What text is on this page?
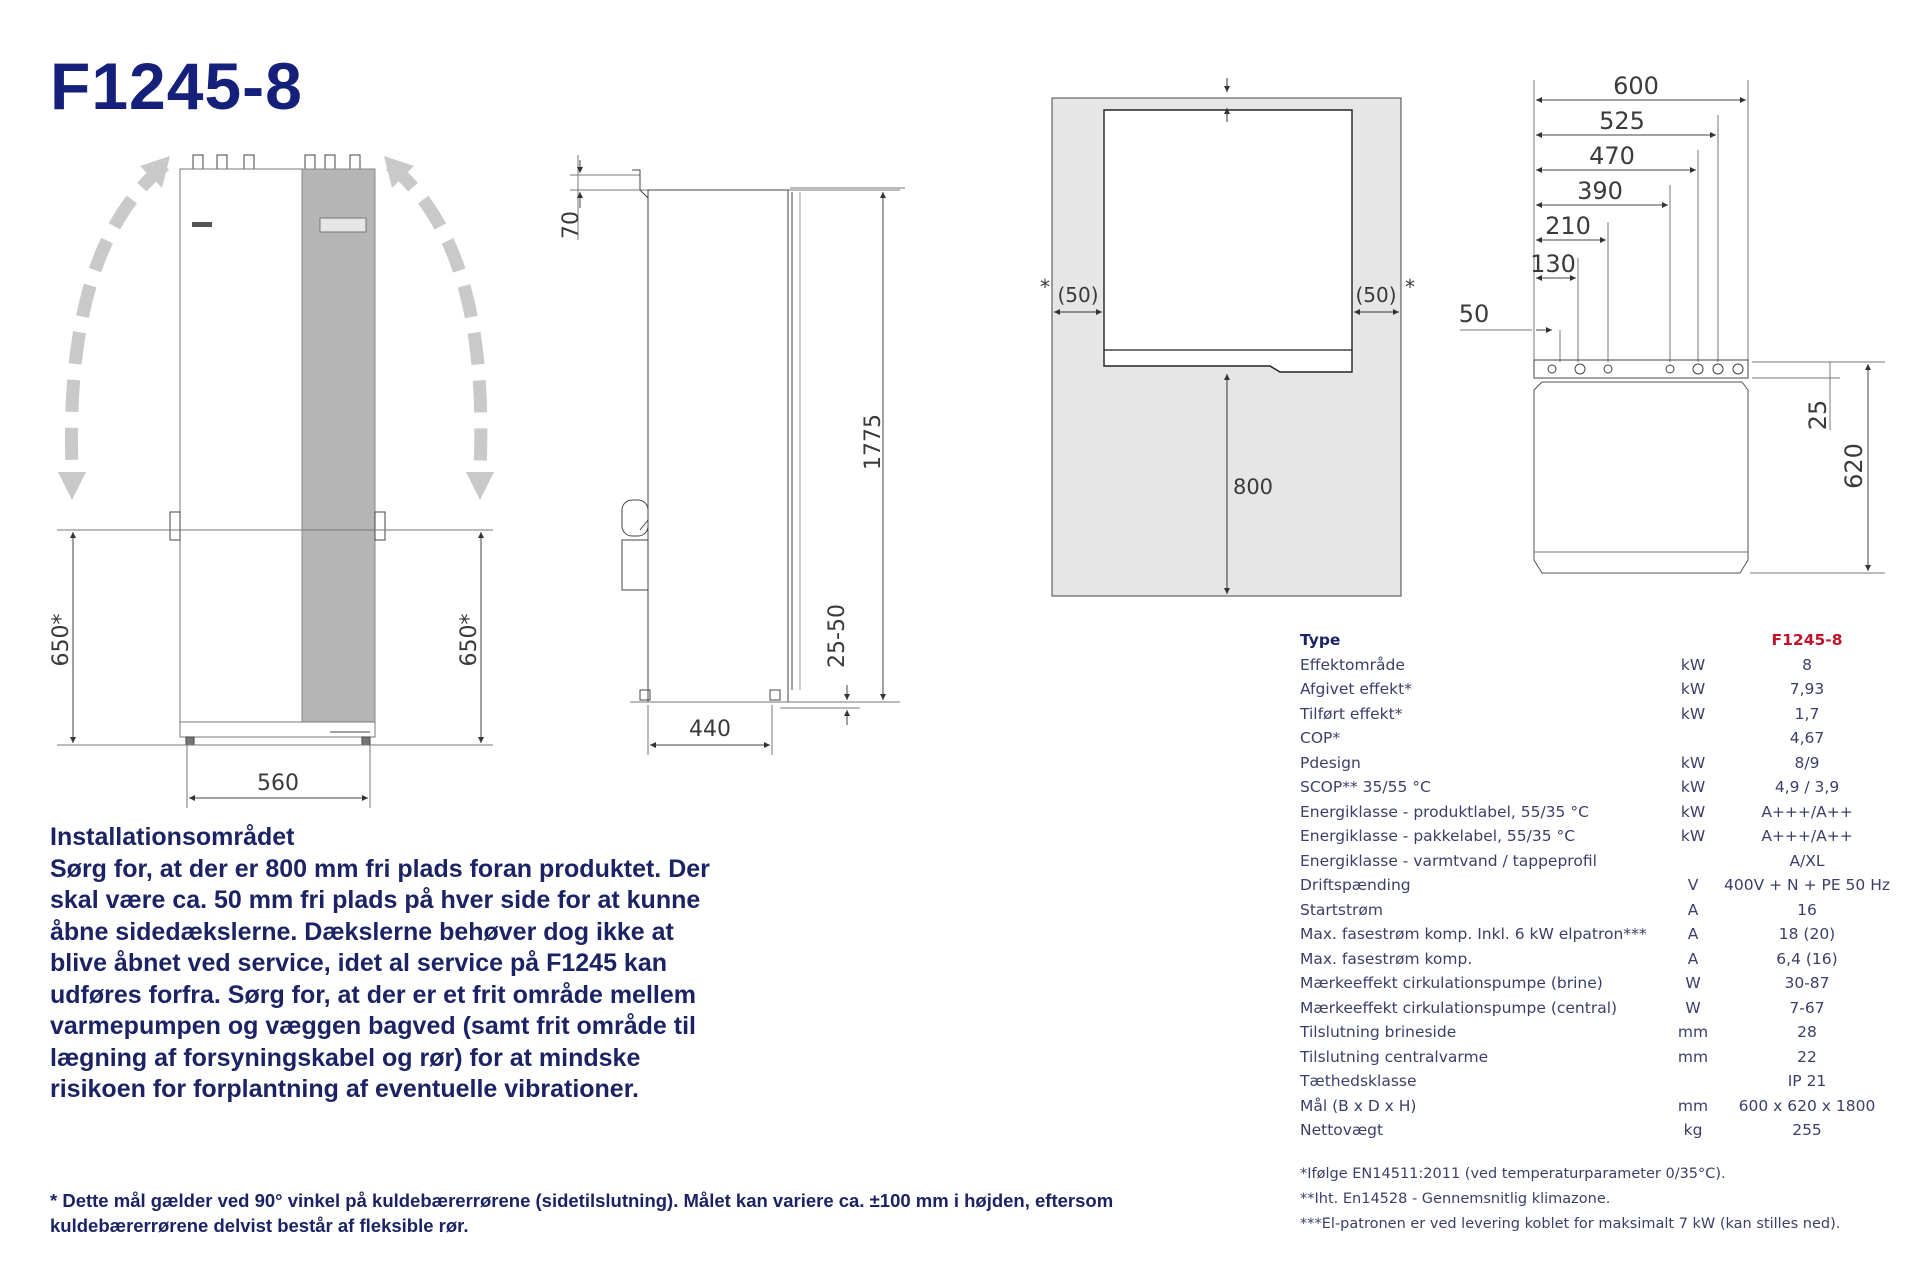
F1245-8
560
650*	650*
70
1775
25-50
440
* (50)	(50) *
800
600
525
470
390
210
130
50
25
620
Installationsområdet

Sørg for, at der er 800 mm fri plads foran produktet. Der skal være ca. 50 mm fri plads på hver side for at kunne åbne sidedækslerne. Dækslerne behøver dog ikke at blive åbnet ved service, idet al service på F1245 kan udføres forfra. Sørg for, at der er et frit område mellem varmepumpen og væggen bagved (samt frit område til lægning af forsyningskabel og rør) for at mindske risikoen for forplantning af eventuelle vibrationer.

* Dette mål gælder ved 90° vinkel på kuldebærerrørene (sidetilslutning). Målet kan variere ca. ±100 mm i højden, eftersom kuldebærerrørene delvist består af fleksible rør.
Type		F1245-8
Effektområde	kW	8
Afgivet effekt*	kW	7,93
Tilført effekt*	kW	1,7
COP*		4,67
Pdesign	kW	8/9
SCOP** 35/55 °C	kW	4,9 / 3,9
Energiklasse - produktlabel, 55/35 °C	kW	A+++/A++
Energiklasse - pakkelabel, 55/35 °C	kW	A+++/A++
Energiklasse - varmtvand / tappeprofil		A/XL
Driftspænding	V	400V + N + PE 50 Hz
Startstrøm	A	16
Max. fasestrøm komp. Inkl. 6 kW elpatron***	A	18 (20)
Max. fasestrøm komp.	A	6,4 (16)
Mærkeeffekt cirkulationspumpe (brine)	W	30-87
Mærkeeffekt cirkulationspumpe (central)	W	7-67
Tilslutning brineside	mm	28
Tilslutning centralvarme	mm	22
Tæthedsklasse		IP 21
Mål (B x D x H)	mm	600 x 620 x 1800
Nettovægt	kg	255
*Ifølge EN14511:2011 (ved temperaturparameter 0/35°C).
**Iht. En14528 - Gennemsnitlig klimazone.
***El-patronen er ved levering koblet for maksimalt 7 kW (kan stilles ned).
